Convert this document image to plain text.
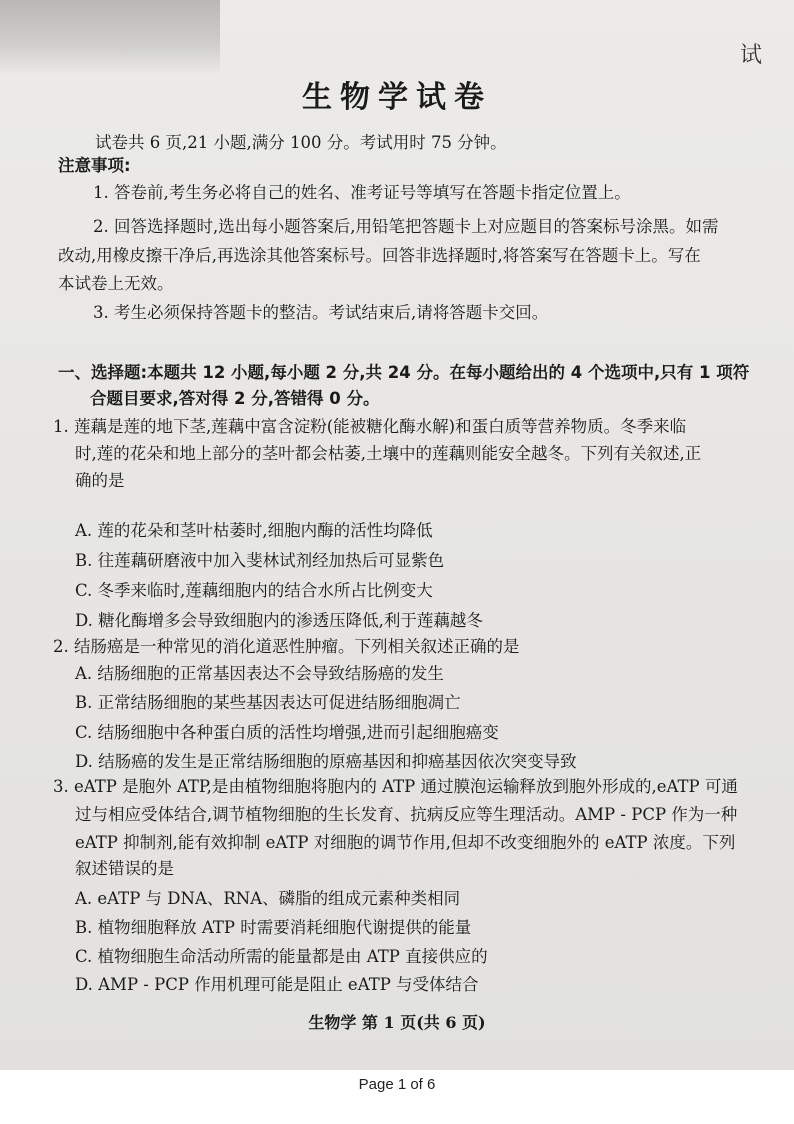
试
生物学试卷
试卷共 6 页,21 小题,满分 100 分。考试用时 75 分钟。
注意事项:
1. 答卷前,考生务必将自己的姓名、准考证号等填写在答题卡指定位置上。
2. 回答选择题时,选出每小题答案后,用铅笔把答题卡上对应题目的答案标号涂黑。如需
改动,用橡皮擦干净后,再选涂其他答案标号。回答非选择题时,将答案写在答题卡上。写在
本试卷上无效。
3. 考生必须保持答题卡的整洁。考试结束后,请将答题卡交回。
一、选择题:本题共 12 小题,每小题 2 分,共 24 分。在每小题给出的 4 个选项中,只有 1 项符
合题目要求,答对得 2 分,答错得 0 分。
1. 莲藕是莲的地下茎,莲藕中富含淀粉(能被糖化酶水解)和蛋白质等营养物质。冬季来临
时,莲的花朵和地上部分的茎叶都会枯萎,土壤中的莲藕则能安全越冬。下列有关叙述,正
确的是
A. 莲的花朵和茎叶枯萎时,细胞内酶的活性均降低
B. 往莲藕研磨液中加入斐林试剂经加热后可显紫色
C. 冬季来临时,莲藕细胞内的结合水所占比例变大
D. 糖化酶增多会导致细胞内的渗透压降低,利于莲藕越冬
2. 结肠癌是一种常见的消化道恶性肿瘤。下列相关叙述正确的是
A. 结肠细胞的正常基因表达不会导致结肠癌的发生
B. 正常结肠细胞的某些基因表达可促进结肠细胞凋亡
C. 结肠细胞中各种蛋白质的活性均增强,进而引起细胞癌变
D. 结肠癌的发生是正常结肠细胞的原癌基因和抑癌基因依次突变导致
3. eATP 是胞外 ATP,是由植物细胞将胞内的 ATP 通过膜泡运输释放到胞外形成的,eATP 可通
过与相应受体结合,调节植物细胞的生长发育、抗病反应等生理活动。AMP - PCP 作为一种
eATP 抑制剂,能有效抑制 eATP 对细胞的调节作用,但却不改变细胞外的 eATP 浓度。下列
叙述错误的是
A. eATP 与 DNA、RNA、磷脂的组成元素种类相同
B. 植物细胞释放 ATP 时需要消耗细胞代谢提供的能量
C. 植物细胞生命活动所需的能量都是由 ATP 直接供应的
D. AMP - PCP 作用机理可能是阻止 eATP 与受体结合
生物学 第 1 页(共 6 页)
Page 1 of 6
